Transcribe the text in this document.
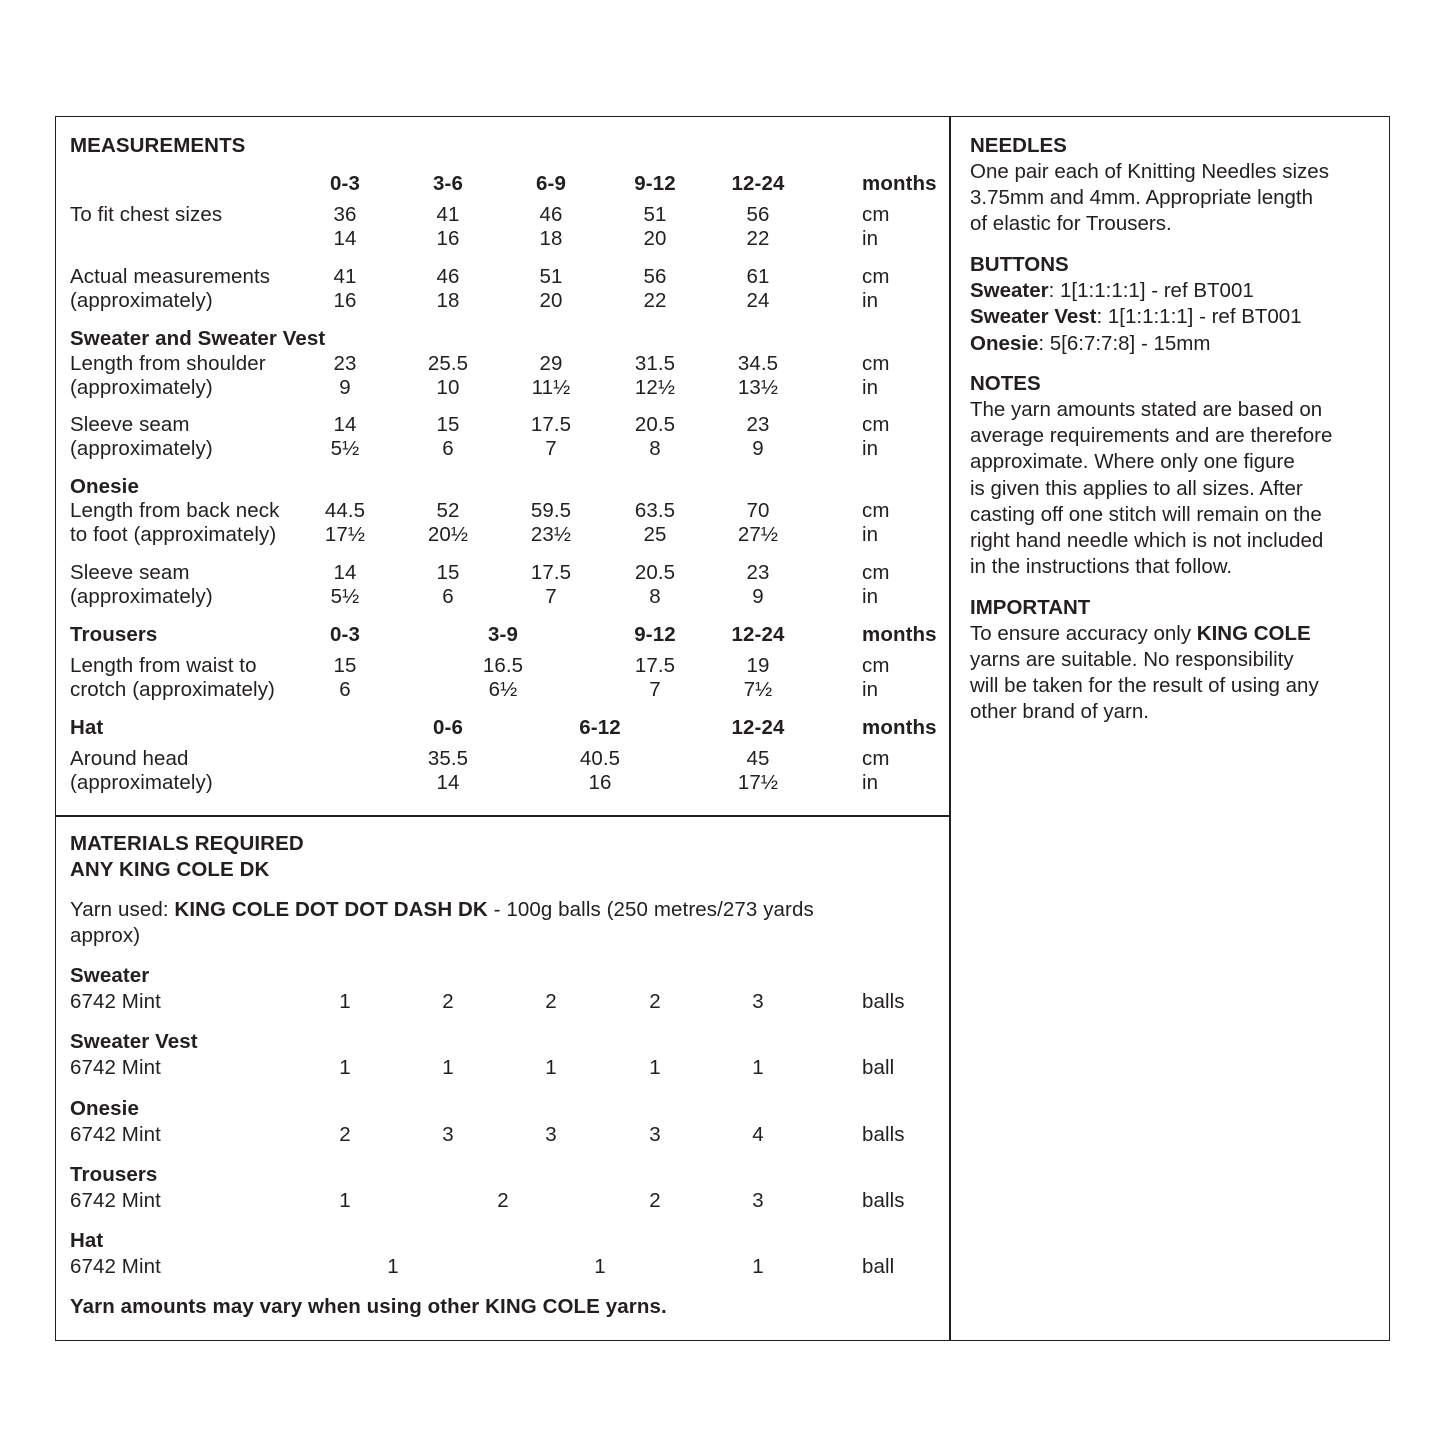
MEASUREMENTS
0-3	3-6	6-9	9-12	12-24	months
To fit chest sizes	36	41	46	51	56	cm
14	16	18	20	22	in
Actual measurements
(approximately)
41	46	51	56	61	cm
16	18	20	22	24	in
Sweater and Sweater Vest
Length from shoulder
(approximately)
23	25.5	29	31.5	34.5	cm
9	10	11½	12½	13½	in
Sleeve seam
(approximately)
14	15	17.5	20.5	23	cm
5½	6	7	8	9	in
Onesie
Length from back neck
to foot (approximately)
44.5	52	59.5	63.5	70	cm
17½	20½	23½	25	27½	in
Sleeve seam
(approximately)
14	15	17.5	20.5	23	cm
5½	6	7	8	9	in
Trousers	0-3	3-9	9-12	12-24	months
Length from waist to
crotch (approximately)
15	16.5	17.5	19	cm
6	6½	7	7½	in
Hat	0-6	6-12	12-24	months
Around head
(approximately)
35.5	40.5	45	cm
14	16	17½	in
MATERIALS REQUIRED
ANY KING COLE DK
Yarn used: KING COLE DOT DOT DASH DK - 100g balls (250 metres/273 yards
approx)
Sweater
6742 Mint	1	2	2	2	3	balls
Sweater Vest
6742 Mint	1	1	1	1	1	ball
Onesie
6742 Mint	2	3	3	3	4	balls
Trousers
6742 Mint	1	2	2	3	balls
Hat
6742 Mint	1	1	1	ball
Yarn amounts may vary when using other KING COLE yarns.
NEEDLES
One pair each of Knitting Needles sizes
3.75mm and 4mm. Appropriate length
of elastic for Trousers.
BUTTONS
Sweater: 1[1:1:1:1] - ref BT001
Sweater Vest: 1[1:1:1:1] - ref BT001
Onesie: 5[6:7:7:8] - 15mm
NOTES
The yarn amounts stated are based on
average requirements and are therefore
approximate. Where only one figure
is given this applies to all sizes. After
casting off one stitch will remain on the
right hand needle which is not included
in the instructions that follow.
IMPORTANT
To ensure accuracy only KING COLE
yarns are suitable. No responsibility
will be taken for the result of using any
other brand of yarn.
